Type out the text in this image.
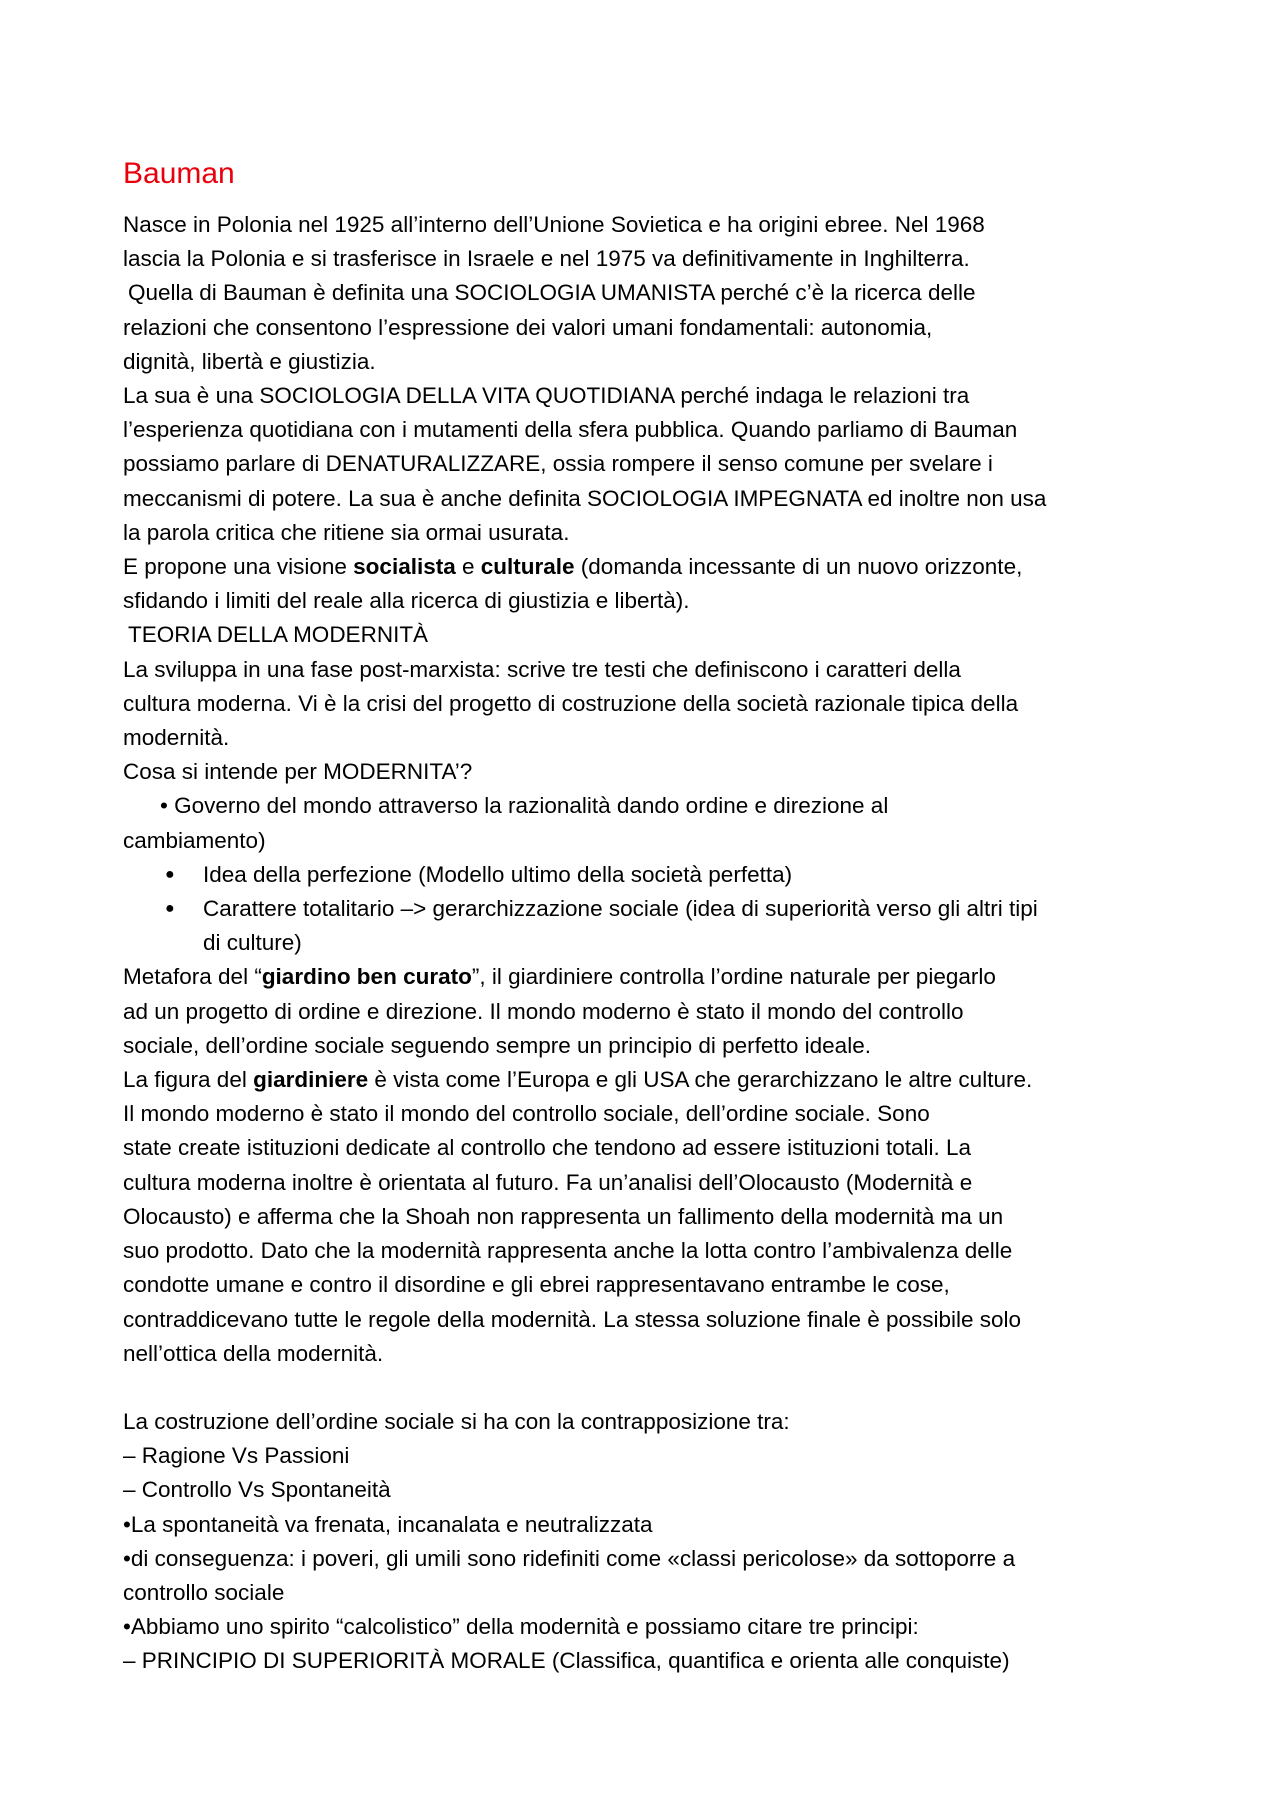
Bauman
Nasce in Polonia nel 1925 all’interno dell’Unione Sovietica e ha origini ebree. Nel 1968
lascia la Polonia e si trasferisce in Israele e nel 1975 va definitivamente in Inghilterra.
Quella di Bauman è definita una SOCIOLOGIA UMANISTA perché c’è la ricerca delle
relazioni che consentono l’espressione dei valori umani fondamentali: autonomia,
dignità, libertà e giustizia.
La sua è una SOCIOLOGIA DELLA VITA QUOTIDIANA perché indaga le relazioni tra
l’esperienza quotidiana con i mutamenti della sfera pubblica. Quando parliamo di Bauman
possiamo parlare di DENATURALIZZARE, ossia rompere il senso comune per svelare i
meccanismi di potere. La sua è anche definita SOCIOLOGIA IMPEGNATA ed inoltre non usa
la parola critica che ritiene sia ormai usurata.
E propone una visione socialista e culturale (domanda incessante di un nuovo orizzonte,
sfidando i limiti del reale alla ricerca di giustizia e libertà).
TEORIA DELLA MODERNITÀ
La sviluppa in una fase post-marxista: scrive tre testi che definiscono i caratteri della
cultura moderna. Vi è la crisi del progetto di costruzione della società razionale tipica della
modernità.
Cosa si intende per MODERNITA’?
• Governo del mondo attraverso la razionalità dando ordine e direzione al
cambiamento)
●	Idea della perfezione (Modello ultimo della società perfetta)
●	Carattere totalitario –> gerarchizzazione sociale (idea di superiorità verso gli altri tipi
di culture)
Metafora del “giardino ben curato”, il giardiniere controlla l’ordine naturale per piegarlo
ad un progetto di ordine e direzione. Il mondo moderno è stato il mondo del controllo
sociale, dell’ordine sociale seguendo sempre un principio di perfetto ideale.
La figura del giardiniere è vista come l’Europa e gli USA che gerarchizzano le altre culture.
Il mondo moderno è stato il mondo del controllo sociale, dell’ordine sociale. Sono
state create istituzioni dedicate al controllo che tendono ad essere istituzioni totali. La
cultura moderna inoltre è orientata al futuro. Fa un’analisi dell’Olocausto (Modernità e
Olocausto) e afferma che la Shoah non rappresenta un fallimento della modernità ma un
suo prodotto. Dato che la modernità rappresenta anche la lotta contro l’ambivalenza delle
condotte umane e contro il disordine e gli ebrei rappresentavano entrambe le cose,
contraddicevano tutte le regole della modernità. La stessa soluzione finale è possibile solo
nell’ottica della modernità.
La costruzione dell’ordine sociale si ha con la contrapposizione tra:
– Ragione Vs Passioni
– Controllo Vs Spontaneità
•La spontaneità va frenata, incanalata e neutralizzata
•di conseguenza: i poveri, gli umili sono ridefiniti come «classi pericolose» da sottoporre a
controllo sociale
•Abbiamo uno spirito “calcolistico” della modernità e possiamo citare tre principi:
– PRINCIPIO DI SUPERIORITÀ MORALE (Classifica, quantifica e orienta alle conquiste)
